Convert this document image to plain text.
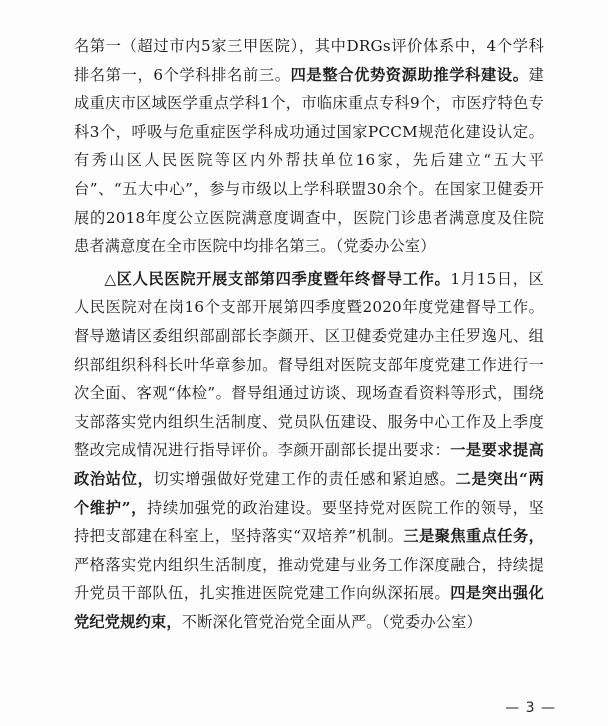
名第一（超过市内5家三甲医院），其中DRGs评价体系中，4个学科排名第一，6个学科排名前三。四是整合优势资源助推学科建设。建成重庆市区域医学重点学科1个，市临床重点专科9个，市医疗特色专科3个，呼吸与危重症医学科成功通过国家PCCM规范化建设认定。有秀山区人民医院等区内外帮扶单位16家，先后建立“五大平台”、“五大中心”，参与市级以上学科联盟30余个。在国家卫健委开展的2018年度公立医院满意度调查中，医院门诊患者满意度及住院患者满意度在全市医院中均排名第三。（党委办公室）

△区人民医院开展支部第四季度暨年终督导工作。1月15日，区人民医院对在岗16个支部开展第四季度暨2020年度党建督导工作。督导邀请区委组织部副部长李颜开、区卫健委党建办主任罗逸凡、组织部组织科科长叶华章参加。督导组对医院支部年度党建工作进行一次全面、客观“体检”。督导组通过访谈、现场查看资料等形式，围绕支部落实党内组织生活制度、党员队伍建设、服务中心工作及上季度整改完成情况进行指导评价。李颜开副部长提出要求：一是要求提高政治站位，切实增强做好党建工作的责任感和紧迫感。二是突出“两个维护”，持续加强党的政治建设。要坚持党对医院工作的领导，坚持把支部建在科室上，坚持落实“双培养”机制。三是聚焦重点任务，严格落实党内组织生活制度，推动党建与业务工作深度融合，持续提升党员干部队伍，扎实推进医院党建工作向纵深拓展。四是突出强化党纪党规约束，不断深化管党治党全面从严。（党委办公室）

— 3 —
